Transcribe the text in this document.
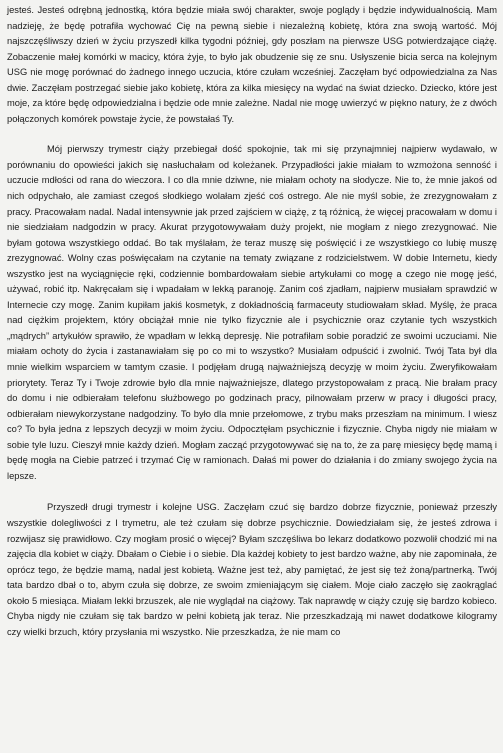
jesteś. Jesteś odrębną jednostką, która będzie miała swój charakter, swoje poglądy i będzie indywidualnością. Mam nadzieję, że będę potrafiła wychować Cię na pewną siebie i niezależną kobietę, która zna swoją wartość. Mój najszczęśliwszy dzień w życiu przyszedł kilka tygodni później, gdy poszłam na pierwsze USG potwierdzające ciążę. Zobaczenie małej komórki w macicy, która żyje, to było jak obudzenie się ze snu. Usłyszenie bicia serca na kolejnym USG nie mogę porównać do żadnego innego uczucia, które czułam wcześniej. Zaczęłam być odpowiedzialna za Nas dwie. Zaczęłam postrzegać siebie jako kobietę, która za kilka miesięcy na wydać na świat dziecko. Dziecko, które jest moje, za które będę odpowiedzialna i będzie ode mnie zależne. Nadal nie mogę uwierzyć w piękno natury, że z dwóch połączonych komórek powstaje życie, że powstałaś Ty.

Mój pierwszy trymestr ciąży przebiegał dość spokojnie, tak mi się przynajmniej najpierw wydawało, w porównaniu do opowieści jakich się nasłuchałam od koleżanek. Przypadłości jakie miałam to wzmożona senność i uczucie mdłości od rana do wieczora. I co dla mnie dziwne, nie miałam ochoty na słodycze. Nie to, że mnie jakoś od nich odpychało, ale zamiast czegoś słodkiego wolałam zjeść coś ostrego. Ale nie myśl sobie, że zrezygnowałam z pracy. Pracowałam nadal. Nadal intensywnie jak przed zajściem w ciążę, z tą różnicą, że więcej pracowałam w domu i nie siedziałam nadgodzin w pracy. Akurat przygotowywałam duży projekt, nie mogłam z niego zrezygnować. Nie byłam gotowa wszystkiego oddać. Bo tak myślałam, że teraz muszę się poświęcić i ze wszystkiego co lubię muszę zrezygnować. Wolny czas poświęcałam na czytanie na tematy związane z rodzicielstwem. W dobie Internetu, kiedy wszystko jest na wyciągnięcie ręki, codziennie bombardowałam siebie artykułami co mogę a czego nie mogę jeść, używać, robić itp. Nakręcałam się i wpadałam w lekką paranoję. Zanim coś zjadłam, najpierw musiałam sprawdzić w Internecie czy mogę. Zanim kupiłam jakiś kosmetyk, z dokładnością farmaceuty studiowałam skład. Myślę, że praca nad ciężkim projektem, który obciążał mnie nie tylko fizycznie ale i psychicznie oraz czytanie tych wszystkich „mądrych” artykułów sprawiło, że wpadłam w lekką depresję. Nie potrafiłam sobie poradzić ze swoimi uczuciami. Nie miałam ochoty do życia i zastanawiałam się po co mi to wszystko? Musiałam odpuścić i zwolnić. Twój Tata był dla mnie wielkim wsparciem w tamtym czasie. I podjęłam drugą najważniejszą decyzję w moim życiu. Zweryfikowałam priorytety. Teraz Ty i Twoje zdrowie było dla mnie najważniejsze, dlatego przystopowałam z pracą. Nie brałam pracy do domu i nie odbierałam telefonu służbowego po godzinach pracy, pilnowałam przerw w pracy i długości pracy, odbierałam niewykorzystane nadgodziny. To było dla mnie przełomowe, z trybu maks przeszłam na minimum. I wiesz co? To była jedna z lepszych decyzji w moim życiu. Odpocztęłam psychicznie i fizycznie. Chyba nigdy nie miałam w sobie tyle luzu. Cieszył mnie każdy dzień. Mogłam zacząć przygotowywać się na to, że za parę miesięcy będę mamą i będę mogła na Ciebie patrzeć i trzymać Cię w ramionach. Dałaś mi power do działania i do zmiany swojego życia na lepsze.

Przyszedł drugi trymestr i kolejne USG. Zaczęłam czuć się bardzo dobrze fizycznie, ponieważ przeszły wszystkie dolegliwości z I trymetru, ale też czułam się dobrze psychicznie. Dowiedziałam się, że jesteś zdrowa i rozwijasz się prawidłowo. Czy mogłam prosić o więcej? Byłam szczęśliwa bo lekarz dodatkowo pozwolił chodzić mi na zajęcia dla kobiet w ciąży. Dbałam o Ciebie i o siebie. Dla każdej kobiety to jest bardzo ważne, aby nie zapominała, że oprócz tego, że będzie mamą, nadal jest kobietą. Ważne jest też, aby pamiętać, że jest się też żoną/partnerką. Twój tata bardzo dbał o to, abym czuła się dobrze, ze swoim zmieniającym się ciałem. Moje ciało zaczęło się zaokrąglać około 5 miesiąca. Miałam lekki brzuszek, ale nie wyglądał na ciążowy. Tak naprawdę w ciąży czuję się bardzo kobieco. Chyba nigdy nie czułam się tak bardzo w pełni kobietą jak teraz. Nie przeszkadzają mi nawet dodatkowe kilogramy czy wielki brzuch, który przysłania mi wszystko. Nie przeszkadza, że nie mam co
